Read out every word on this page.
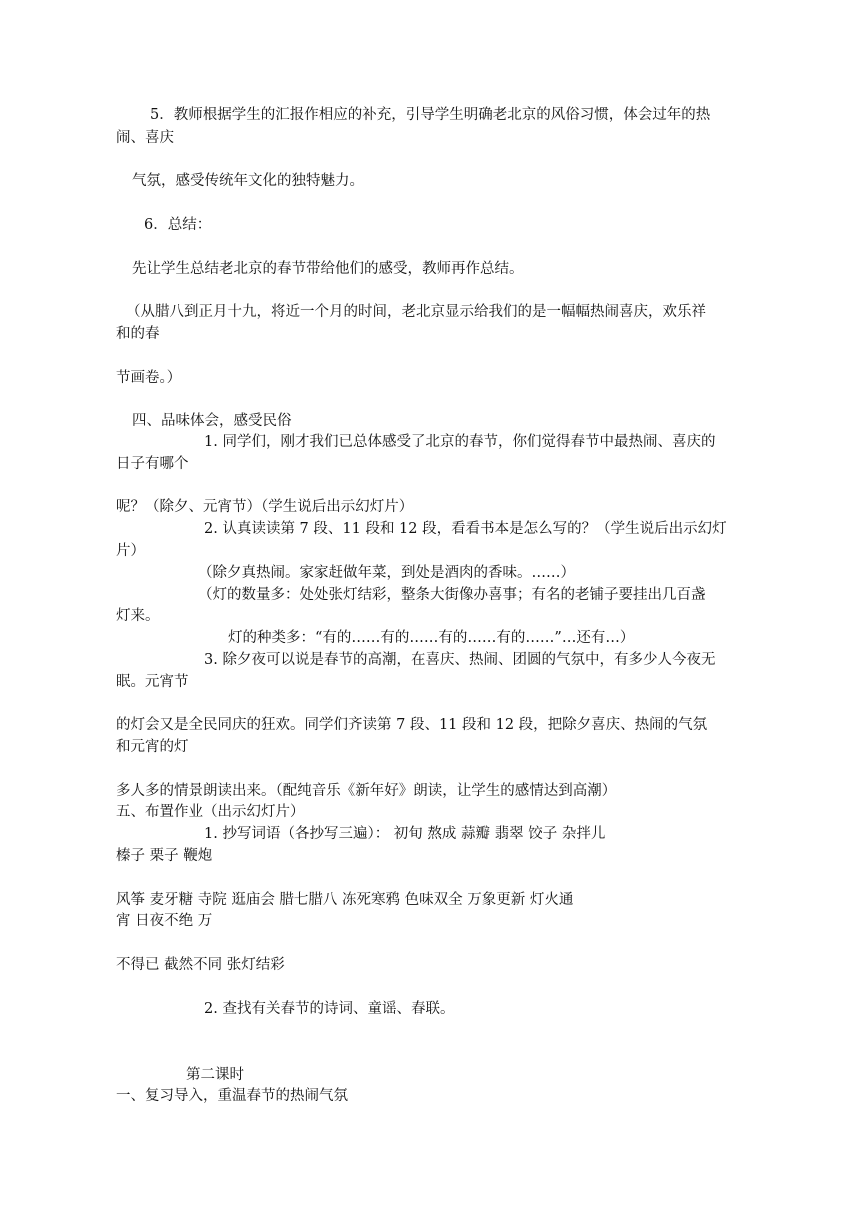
5．教师根据学生的汇报作相应的补充，引导学生明确老北京的风俗习惯，体会过年的热
闹、喜庆
气氛，感受传统年文化的独特魅力。
6．总结：
先让学生总结老北京的春节带给他们的感受，教师再作总结。
（从腊八到正月十九，将近一个月的时间，老北京显示给我们的是一幅幅热闹喜庆，欢乐祥
和的春
节画卷。）
四、品味体会，感受民俗
1. 同学们，刚才我们已总体感受了北京的春节，你们觉得春节中最热闹、喜庆的
日子有哪个
呢？（除夕、元宵节）（学生说后出示幻灯片）
2. 认真读读第 7 段、11 段和 12 段，看看书本是怎么写的？（学生说后出示幻灯
片）
（除夕真热闹。家家赶做年菜，到处是酒肉的香味。……）
（灯的数量多：处处张灯结彩，整条大街像办喜事；有名的老铺子要挂出几百盏
灯来。
灯的种类多：“有的……有的……有的……有的……”…还有…）
3. 除夕夜可以说是春节的高潮，在喜庆、热闹、团圆的气氛中，有多少人今夜无
眠。元宵节
的灯会又是全民同庆的狂欢。同学们齐读第 7 段、11 段和 12 段，把除夕喜庆、热闹的气氛
和元宵的灯
多人多的情景朗读出来。（配纯音乐《新年好》朗读，让学生的感情达到高潮）
五、布置作业（出示幻灯片）
1. 抄写词语（各抄写三遍）： 初旬 熬成 蒜瓣 翡翠 饺子 杂拌儿
榛子 栗子 鞭炮
风筝 麦牙糖 寺院 逛庙会 腊七腊八 冻死寒鸦 色味双全 万象更新 灯火通
宵 日夜不绝 万
不得已 截然不同 张灯结彩
2. 查找有关春节的诗词、童谣、春联。
第二课时
一、复习导入，重温春节的热闹气氛
